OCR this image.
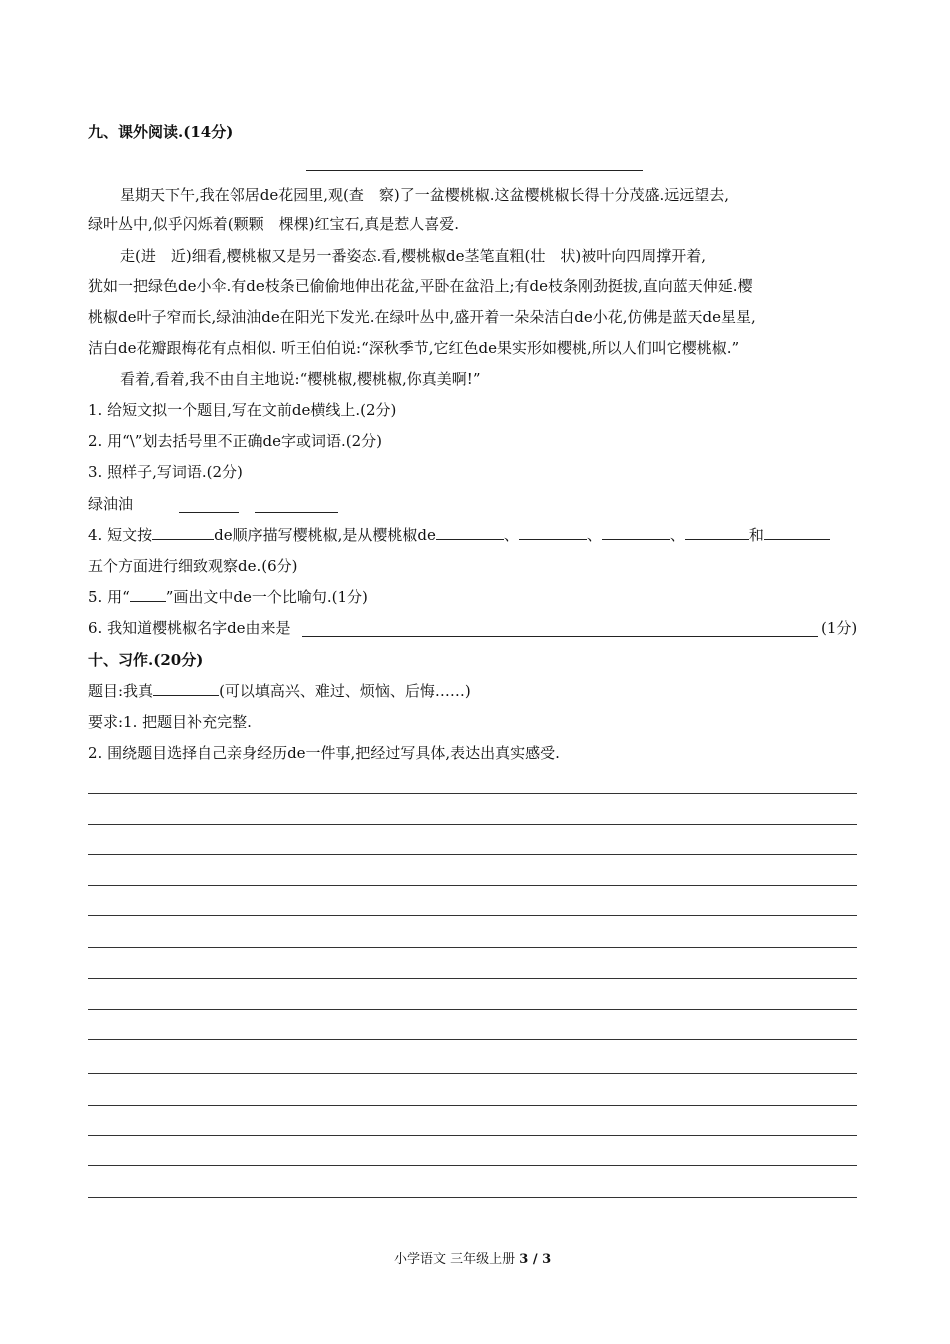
九、课外阅读.(14分)
星期天下午,我在邻居de花园里,观(查　察)了一盆樱桃椒.这盆樱桃椒长得十分茂盛.远远望去,
绿叶丛中,似乎闪烁着(颗颗　棵棵)红宝石,真是惹人喜爱.
走(进　近)细看,樱桃椒又是另一番姿态.看,樱桃椒de茎笔直粗(壮　状)被叶向四周撑开着,
犹如一把绿色de小伞.有de枝条已偷偷地伸出花盆,平卧在盆沿上;有de枝条刚劲挺拔,直向蓝天伸延.樱
桃椒de叶子窄而长,绿油油de在阳光下发光.在绿叶丛中,盛开着一朵朵洁白de小花,仿佛是蓝天de星星,
洁白de花瓣跟梅花有点相似. 听王伯伯说:“深秋季节,它红色de果实形如樱桃,所以人们叫它樱桃椒.”
看着,看着,我不由自主地说:“樱桃椒,樱桃椒,你真美啊!”
1. 给短文拟一个题目,写在文前de横线上.(2分)
2. 用“\”划去括号里不正确de字或词语.(2分)
3. 照样子,写词语.(2分)
绿油油
4. 短文按	de顺序描写樱桃椒,是从樱桃椒de	、	、	、	和
五个方面进行细致观察de.(6分)
5. 用“ ”画出文中de一个比喻句.(1分)
6. 我知道樱桃椒名字de由来是	(1分)
十、习作.(20分)
题目:我真	(可以填高兴、难过、烦恼、后悔……)
要求:1. 把题目补充完整.
2. 围绕题目选择自己亲身经历de一件事,把经过写具体,表达出真实感受.
小学语文 三年级上册 3 / 3
